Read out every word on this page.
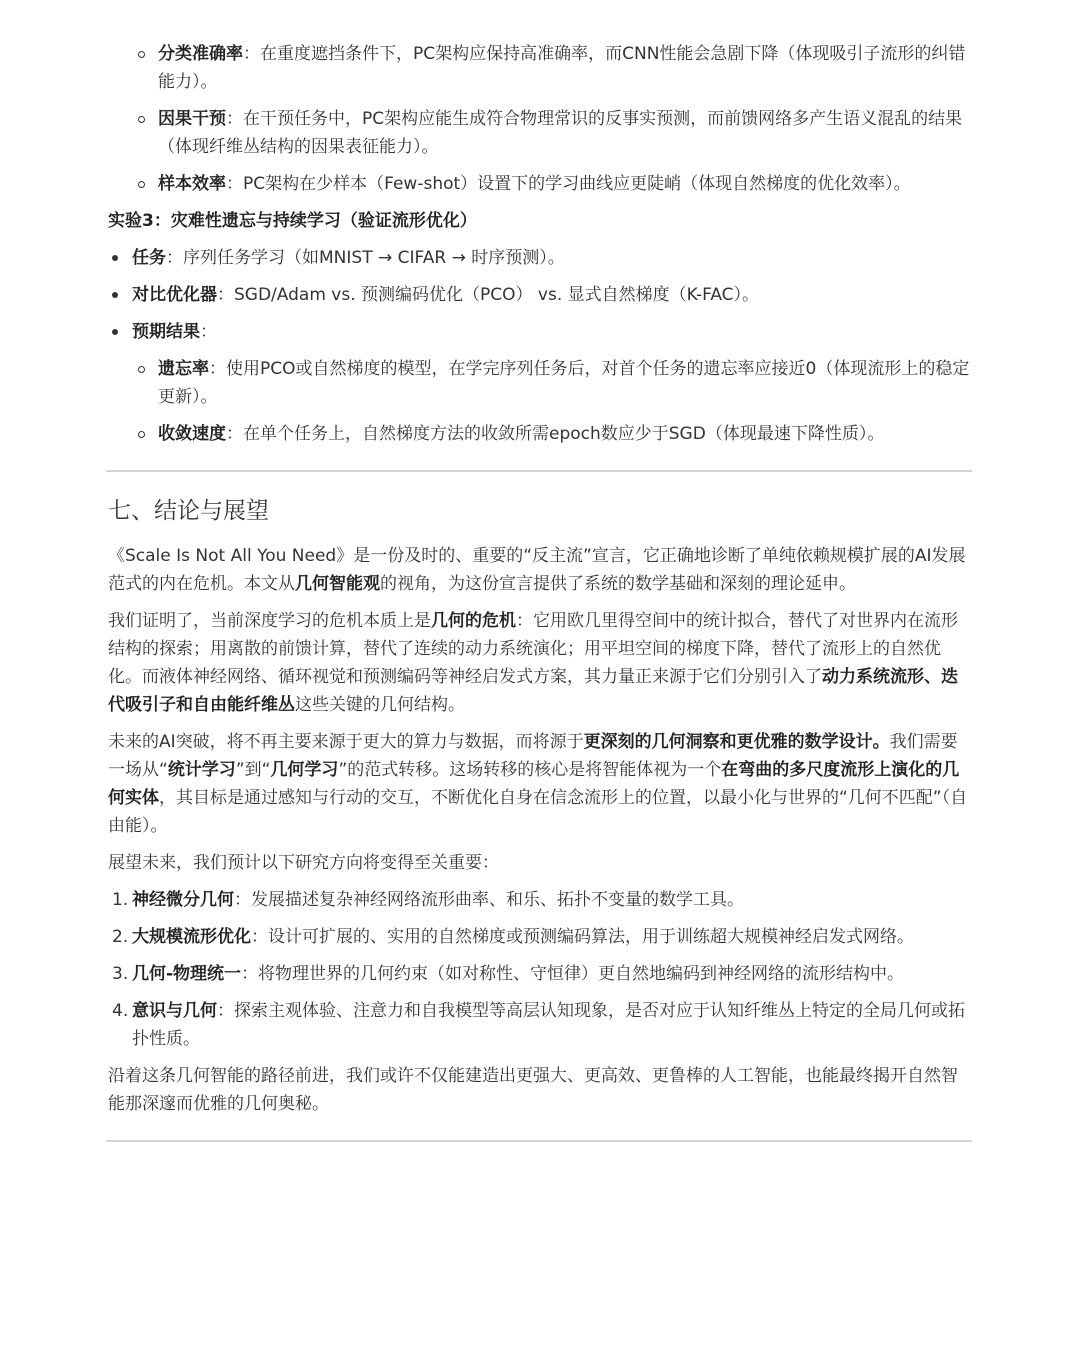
分类准确率：在重度遮挡条件下，PC架构应保持高准确率，而CNN性能会急剧下降（体现吸引子流形的纠错能力）。
因果干预：在干预任务中，PC架构应能生成符合物理常识的反事实预测，而前馈网络多产生语义混乱的结果（体现纤维丛结构的因果表征能力）。
样本效率：PC架构在少样本（Few-shot）设置下的学习曲线应更陡峭（体现自然梯度的优化效率）。

实验3：灾难性遗忘与持续学习（验证流形优化）

任务：序列任务学习（如MNIST → CIFAR → 时序预测）。
对比优化器：SGD/Adam vs. 预测编码优化（PCO） vs. 显式自然梯度（K-FAC）。
预期结果：
遗忘率：使用PCO或自然梯度的模型，在学完序列任务后，对首个任务的遗忘率应接近0（体现流形上的稳定更新）。
收敛速度：在单个任务上，自然梯度方法的收敛所需epoch数应少于SGD（体现最速下降性质）。
七、结论与展望

《Scale Is Not All You Need》是一份及时的、重要的“反主流”宣言，它正确地诊断了单纯依赖规模扩展的AI发展范式的内在危机。本文从几何智能观的视角，为这份宣言提供了系统的数学基础和深刻的理论延申。

我们证明了，当前深度学习的危机本质上是几何的危机：它用欧几里得空间中的统计拟合，替代了对世界内在流形结构的探索；用离散的前馈计算，替代了连续的动力系统演化；用平坦空间的梯度下降，替代了流形上的自然优化。而液体神经网络、循环视觉和预测编码等神经启发式方案，其力量正来源于它们分别引入了动力系统流形、迭代吸引子和自由能纤维丛这些关键的几何结构。

未来的AI突破，将不再主要来源于更大的算力与数据，而将源于更深刻的几何洞察和更优雅的数学设计。我们需要一场从“统计学习”到“几何学习”的范式转移。这场转移的核心是将智能体视为一个在弯曲的多尺度流形上演化的几何实体，其目标是通过感知与行动的交互，不断优化自身在信念流形上的位置，以最小化与世界的“几何不匹配”（自由能）。

展望未来，我们预计以下研究方向将变得至关重要：

1. 神经微分几何：发展描述复杂神经网络流形曲率、和乐、拓扑不变量的数学工具。
2. 大规模流形优化：设计可扩展的、实用的自然梯度或预测编码算法，用于训练超大规模神经启发式网络。
3. 几何-物理统一：将物理世界的几何约束（如对称性、守恒律）更自然地编码到神经网络的流形结构中。
4. 意识与几何：探索主观体验、注意力和自我模型等高层认知现象，是否对应于认知纤维丛上特定的全局几何或拓扑性质。

沿着这条几何智能的路径前进，我们或许不仅能建造出更强大、更高效、更鲁棒的人工智能，也能最终揭开自然智能那深邃而优雅的几何奥秘。
